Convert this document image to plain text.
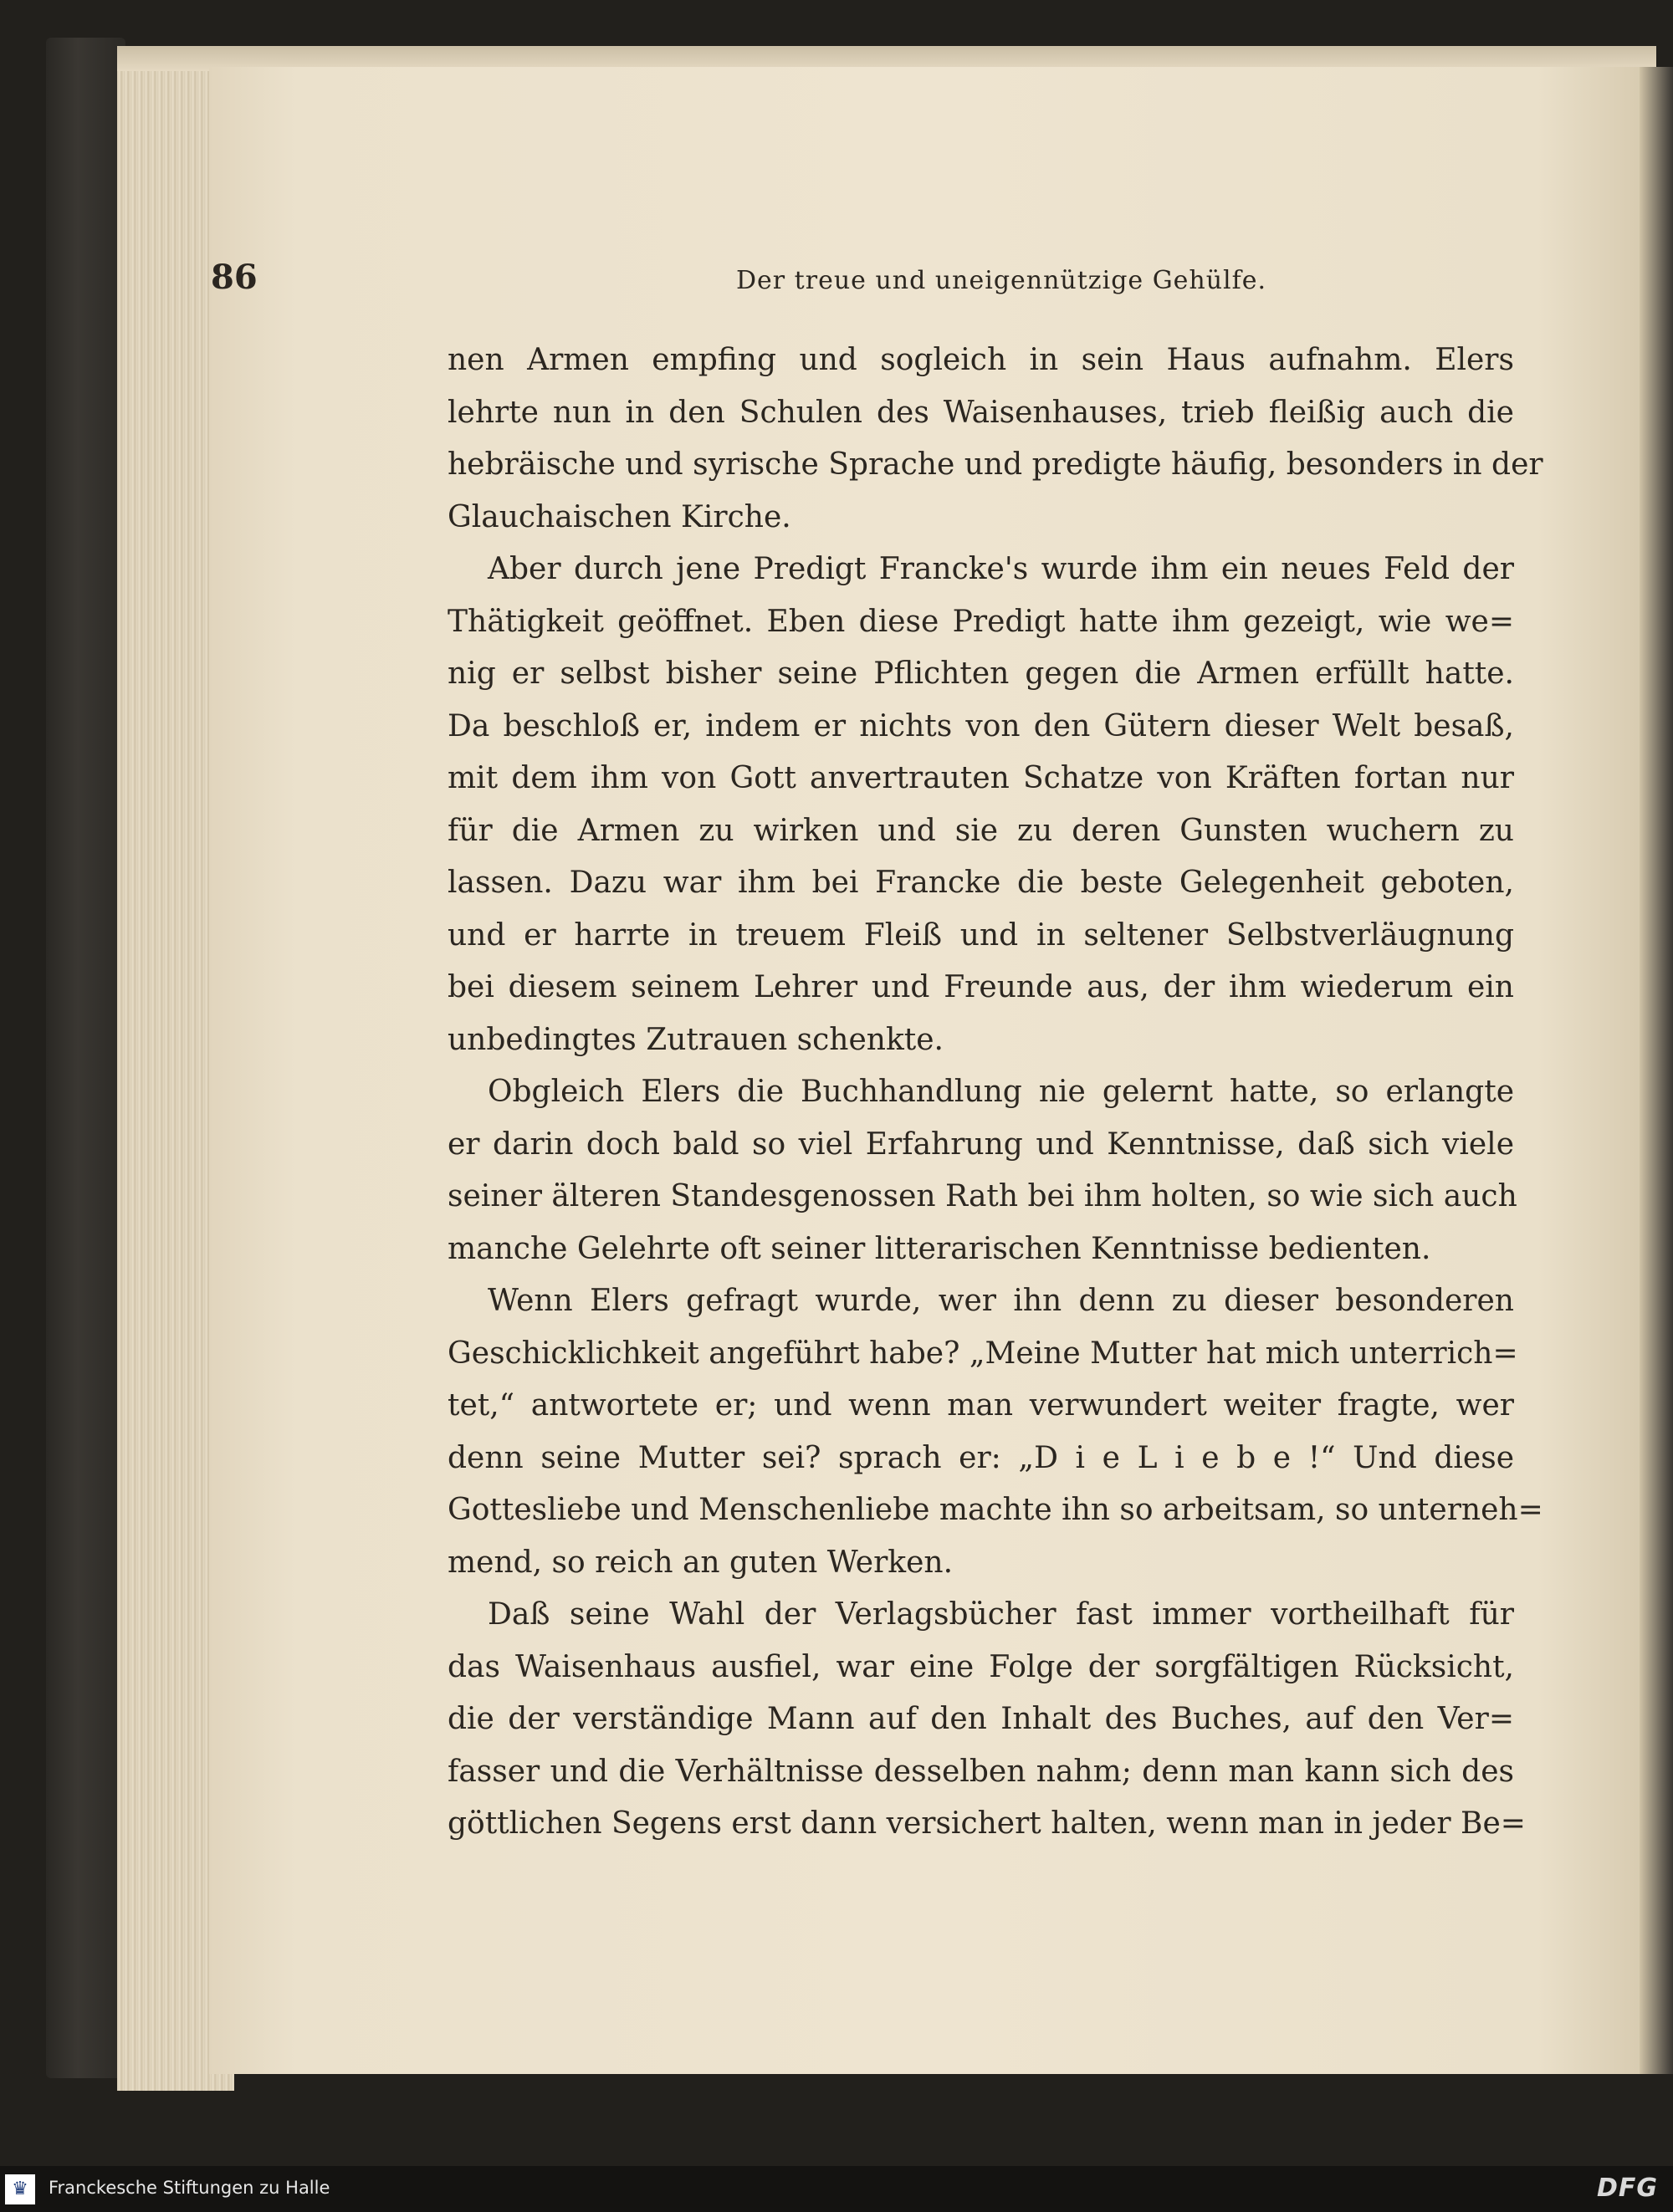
86	Der treue und uneigennützige Gehülfe.
nen Armen empfing und sogleich in sein Haus aufnahm. Elers
lehrte nun in den Schulen des Waisenhauses, trieb fleißig auch die
hebräische und syrische Sprache und predigte häufig, besonders in der
Glauchaischen Kirche.
Aber durch jene Predigt Francke's wurde ihm ein neues Feld der
Thätigkeit geöffnet. Eben diese Predigt hatte ihm gezeigt, wie we=
nig er selbst bisher seine Pflichten gegen die Armen erfüllt hatte.
Da beschloß er, indem er nichts von den Gütern dieser Welt besaß,
mit dem ihm von Gott anvertrauten Schatze von Kräften fortan nur
für die Armen zu wirken und sie zu deren Gunsten wuchern zu
lassen. Dazu war ihm bei Francke die beste Gelegenheit geboten,
und er harrte in treuem Fleiß und in seltener Selbstverläugnung
bei diesem seinem Lehrer und Freunde aus, der ihm wiederum ein
unbedingtes Zutrauen schenkte.
Obgleich Elers die Buchhandlung nie gelernt hatte, so erlangte
er darin doch bald so viel Erfahrung und Kenntnisse, daß sich viele
seiner älteren Standesgenossen Rath bei ihm holten, so wie sich auch
manche Gelehrte oft seiner litterarischen Kenntnisse bedienten.
Wenn Elers gefragt wurde, wer ihn denn zu dieser besonderen
Geschicklichkeit angeführt habe? „Meine Mutter hat mich unterrich=
tet,“ antwortete er; und wenn man verwundert weiter fragte, wer
denn seine Mutter sei? sprach er: „D i e L i e b e !“ Und diese
Gottesliebe und Menschenliebe machte ihn so arbeitsam, so unterneh=
mend, so reich an guten Werken.
Daß seine Wahl der Verlagsbücher fast immer vortheilhaft für
das Waisenhaus ausfiel, war eine Folge der sorgfältigen Rücksicht,
die der verständige Mann auf den Inhalt des Buches, auf den Ver=
fasser und die Verhältnisse desselben nahm; denn man kann sich des
göttlichen Segens erst dann versichert halten, wenn man in jeder Be=
♛	Franckesche Stiftungen zu Halle	DFG
